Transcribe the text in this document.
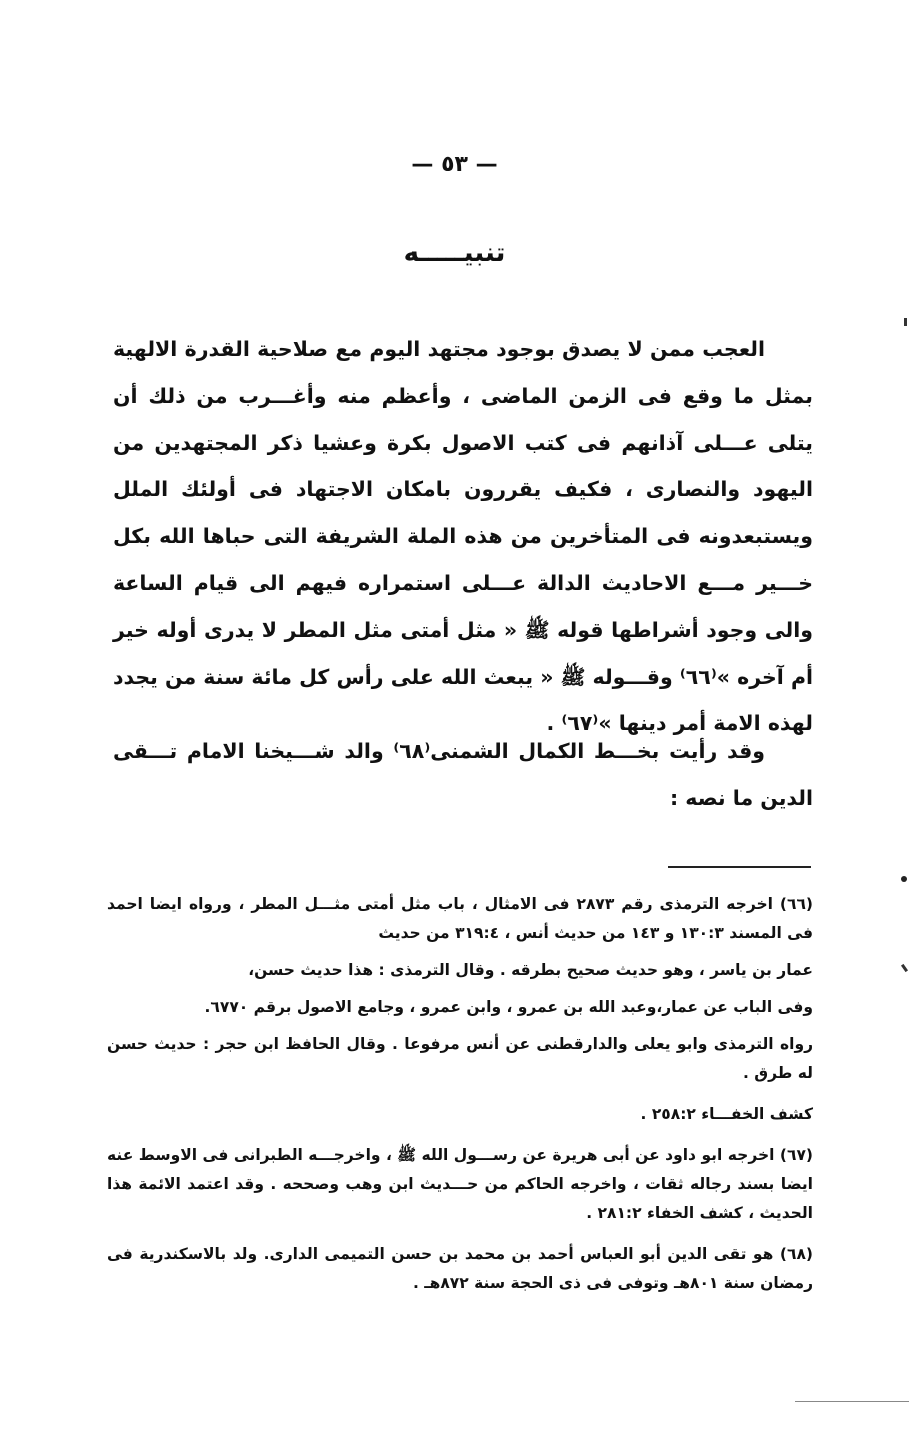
— ٥٣ —
تنبيـــــه
العجب ممن لا يصدق بوجود مجتهد اليوم مع صلاحية القدرة الالهية بمثل ما وقع فى الزمن الماضى ، وأعظم منه وأغـــرب من ذلك أن يتلى عـــلى آذانهم فى كتب الاصول بكرة وعشيا ذكر المجتهدين من اليهود والنصارى ، فكيف يقررون بامكان الاجتهاد فى أولئك الملل ويستبعدونه فى المتأخرين من هذه الملة الشريفة التى حباها الله بكل خـــير مـــع الاحاديث الدالة عـــلى استمراره فيهم الى قيام الساعة والى وجود أشراطها قوله ﷺ « مثل أمتى مثل المطر لا يدرى أوله خير أم آخره »⁽٦٦⁾ وقـــوله ﷺ « يبعث الله على رأس كل مائة سنة من يجدد لهذه الامة أمر دينها »⁽٦٧⁾ .
وقد رأيت بخـــط الكمال الشمنى⁽٦٨⁾ والد شـــيخنا الامام تـــقى الدين ما نصه :

(٦٦) اخرجه الترمذى رقم ٢٨٧٣ فى الامثال ، باب مثل أمتى مثـــل المطر ، ورواه ايضا احمد فى المسند ١٣٠:٣ و ١٤٣ من حديث أنس ، ٣١٩:٤ من حديث

عمار بن ياسر ، وهو حديث صحيح بطرقه . وقال الترمذى : هذا حديث حسن،

وفى الباب عن عمار،وعبد الله بن عمرو ، وابن عمرو ، وجامع الاصول برقم ٦٧٧٠.

رواه الترمذى وابو يعلى والدارقطنى عن أنس مرفوعا . وقال الحافظ ابن حجر : حديث حسن له طرق .

كشف الخفـــاء ٢٥٨:٢ .

(٦٧) اخرجه ابو داود عن أبى هريرة عن رســـول الله ﷺ ، واخرجـــه الطبرانى فى الاوسط عنه ايضا بسند رجاله ثقات ، واخرجه الحاكم من حـــديث ابن وهب وصححه . وقد اعتمد الائمة هذا الحديث ، كشف الخفاء ٢٨١:٢ .

(٦٨) هو تقى الدين أبو العباس أحمد بن محمد بن حسن التميمى الدارى. ولد بالاسكندرية فى رمضان سنة ٨٠١هـ وتوفى فى ذى الحجة سنة ٨٧٢هـ .
